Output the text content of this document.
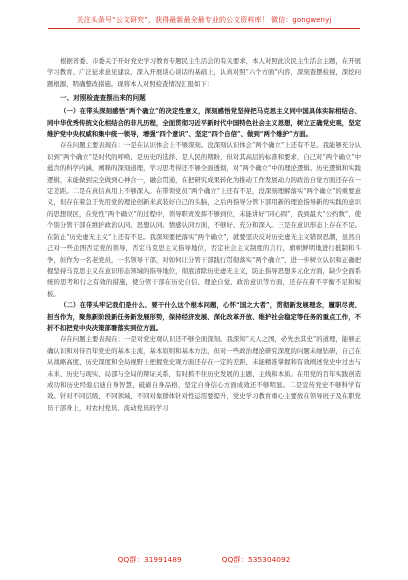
关注头条号“公文研究”，获得最新最全最专业的公文资料库！ 微信：gongwenyj

根据省委、市委关于开好党史学习教育专题民主生活会的有关要求，本人对照此次民主生活会主题，在开展学习教育、广泛征求意见建议、深入开展谈心谈话的基础上，认真对照“六个方面”内容，深刻查摆检视，深挖问题根源，明确整改措施。现将本人对照检查情况汇报如下：

一、对照检查查摆出来的问题

（一）在带头深刻感悟“两个确立”的决定性意义，深刻感悟党坚持把马克思主义同中国具体实际相结合、同中华优秀传统文化相结合的非凡历程，全面贯彻习近平新时代中国特色社会主义思想，树立正确党史观，坚定维护党中央权威和集中统一领导，增强“四个意识”、坚定“四个自信”、做到“两个维护”方面。

存在问题主要表现在：一是在认识体会上不够深刻。没深刻认识体会“两个确立”上还有不足。我能够充分认识到“两个确立”是时代的呼唤、是历史的选择、是人民的期盼，但对其高层的标准和要求，自己对“两个确立”中蕴含的科学内涵，阐释的深刻道理，学习思考得还不够全面透彻，对“两个确立”中的理论逻辑、历史逻辑和实践逻辑，未能做到完全做到心神合一，融会贯通，在把研究成果转化为推动工作发展动力的政治自觉方面还存在一定差距。二是在真信真用上不够深入。在带领党员“两个确立”上还有不足，没深刻理解落实“两个确立”的重要意义，但存在着急于先用党的理论创新来武装好自己的头脑，之后再指导分管下部用新的理论指导新的实践的意识的思想误区，在党性“两个确立”的过程中，领导职责发挥不够到位，未能讲好“同心圆”，我到最大“公约数”，使个别分管干部在维护政治认同、思想认同、情感认同方面，不够好、充分和深入。三是在意识形态上存在不足。在防止“历史虚无主义”上还有不足。我深知要把落实“两个确立”，就要坚决反对历史虚无主义错误思潮，虽然自己对一些企图否定党的领导，否定马克思主义指导地位，否定社会主义制度的言行，旗帜鲜明地进行抵制和斗争，但作为一名老党员，一名领导干部，对如何让分管干部践行贯彻落实“两个确立”，进一步树立认识和正确把握坚持马克思主义在意识形态领域的指导地位，彻底清除历史虚无主义，防止指导思想多元化方面，缺少全面系统的思考和行之有效的措施，使分管干部在历史自信、理论自觉、政治意识等方面，还存在着不平衡不足和短板。

（二）在带头牢记我们是什么、要干什么这个根本问题，心怀“国之大者”，贯彻新发展理念，履职尽责、担当作为，聚焦新阶段新任务新发展形势，保持经济发展、深化改革开放、维护社会稳定等任务的重点工作，不折不扣把党中央决策部署落实到位方面。

存在问题主要表现在：一是对党史观认识还不够全面深刻。我深知“天人之国，必先去其史”的道理，能够正确认识和对待百年党史的基本主流，基本原则和基本方法，但对一些政治理论研究深度的问题未细钻研，自己在从战略高度、历史深度和全局视野上把握党史观方面还存在一定的差距，未能精准掌握和有效阐述党史中过去与未来、历史与现实、局部与全局的辩证关系，有时抓不住历史发展的主题、主线和本质。在用党的百年实践创造成功和历史经验启迪自身智慧、砥砺自身品格、坚定自身信心方面成效还不够明显。二是宣传党史不够科学有效。针对不同层级、不同领域、不同对象群体针对性运用要提升，党史学习教育重心主要放在领导班子及在职党员干部身上，对农村党员、流动党员的学习

QQ群：31991489	QQ群：535304092
